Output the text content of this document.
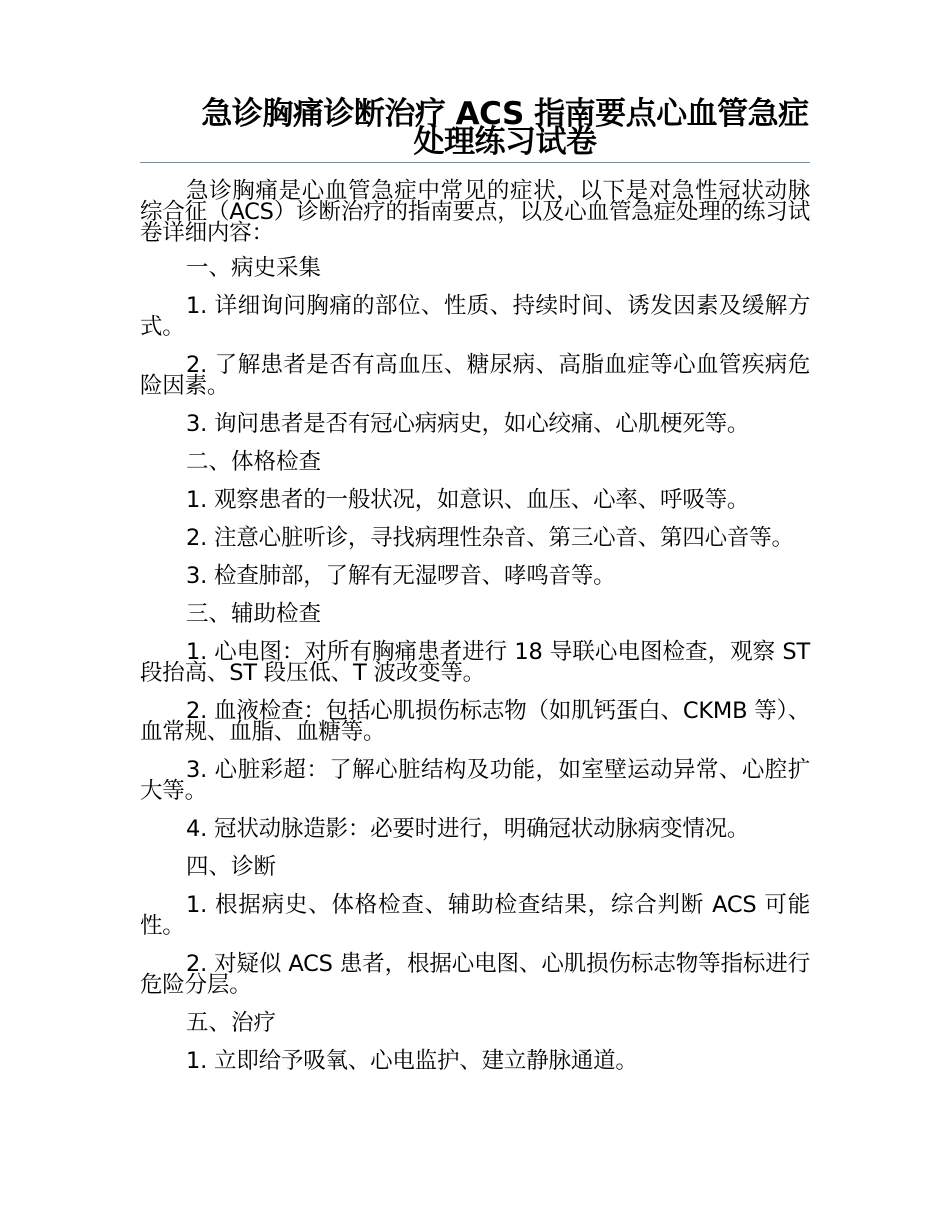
急诊胸痛诊断治疗 ACS 指南要点心血管急症处理练习试卷

急诊胸痛是心血管急症中常见的症状，以下是对急性冠状动脉综合征（ACS）诊断治疗的指南要点，以及心血管急症处理的练习试卷详细内容：

一、病史采集

1. 详细询问胸痛的部位、性质、持续时间、诱发因素及缓解方式。

2. 了解患者是否有高血压、糖尿病、高脂血症等心血管疾病危险因素。

3. 询问患者是否有冠心病病史，如心绞痛、心肌梗死等。

二、体格检查

1. 观察患者的一般状况，如意识、血压、心率、呼吸等。

2. 注意心脏听诊，寻找病理性杂音、第三心音、第四心音等。

3. 检查肺部，了解有无湿啰音、哮鸣音等。

三、辅助检查

1. 心电图：对所有胸痛患者进行 18 导联心电图检查，观察 ST 段抬高、ST 段压低、T 波改变等。

2. 血液检查：包括心肌损伤标志物（如肌钙蛋白、CKMB 等）、血常规、血脂、血糖等。

3. 心脏彩超：了解心脏结构及功能，如室壁运动异常、心腔扩大等。

4. 冠状动脉造影：必要时进行，明确冠状动脉病变情况。

四、诊断

1. 根据病史、体格检查、辅助检查结果，综合判断 ACS 可能性。

2. 对疑似 ACS 患者，根据心电图、心肌损伤标志物等指标进行危险分层。

五、治疗

1. 立即给予吸氧、心电监护、建立静脉通道。
